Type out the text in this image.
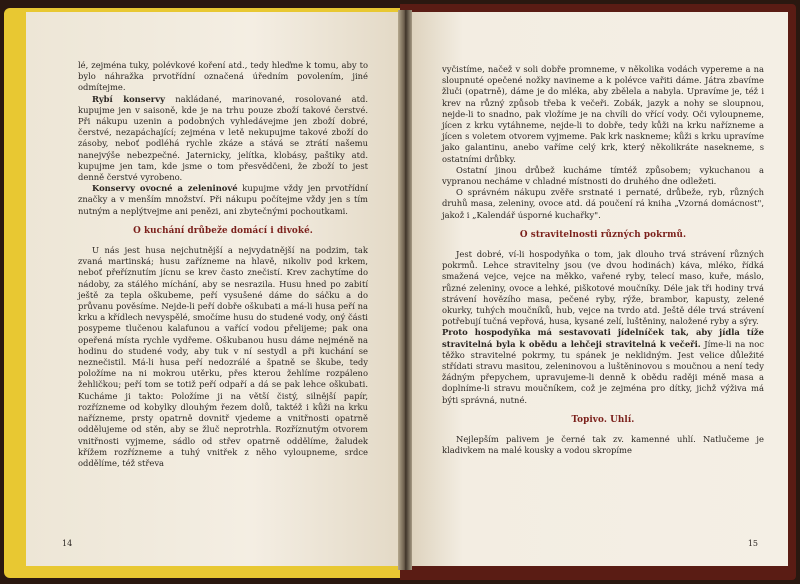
lé, zejména tuky, polévkové koření atd., tedy hleďme k tomu, aby to bylo náhražka prvotřídní označená úředním povolením, jiné odmítejme.

Rybí konservy nakládané, marinované, rosolované atd. kupujme jen v saisoně, kde je na trhu pouze zboží takové čerstvé. Při nákupu uzenin a podobných vyhledávejme jen zboží dobré, čerstvé, nezapáchající; zejména v letě nekupujme takové zboží do zásoby, neboť podléhá rychle zkáze a stává se ztrátí našemu nanejvýše nebezpečné. Jaternicky, jelítka, klobásy, paštiky atd. kupujme jen tam, kde jsme o tom přesvědčeni, že zboží to jest denně čerstvé vyrobeno.

Konservy ovocné a zeleninové kupujme vždy jen prvotřídní značky a v menším množství. Při nákupu počítejme vždy jen s tím nutným a neplýtvejme ani penězi, ani zbytečnými pochoutkami.

O kuchání drůbeže domácí i divoké.

U nás jest husa nejchutnější a nejvydatnější na podzim, tak zvaná martinská; husu zařízneme na hlavě, nikoliv pod krkem, neboť přeříznutím jícnu se krev často znečistí. Krev zachytíme do nádoby, za stálého míchání, aby se nesrazila. Husu hned po zabití ještě za tepla oškubeme, peří vysušené dáme do sáčku a do průvanu pověsíme. Nejde-li peří dobře oškubati a má-li husa peří na krku a křídlech nevyspělé, smočíme husu do studené vody, oný části posypeme tlučenou kalafunou a vařící vodou přelijeme; pak ona opeřená místa rychle vydřeme. Oškubanou husu dáme nejméně na hodinu do studené vody, aby tuk v ní sestydl a při kuchání se neznečistil. Má-li husa peří nedozrálé a špatně se škube, tedy položíme na ni mokrou utěrku, přes kterou žehlíme rozpáleno žehličkou; peří tom se totiž peří odpaří a dá se pak lehce oškubati. Kucháme ji takto: Položíme ji na větší čistý, silnější papír, rozřízneme od kobylky dlouhým řezem dolů, taktéž i kůži na krku nařízneme, prsty opatrně dovnitř vjedeme a vnitřnosti opatrně oddělujeme od stěn, aby se žluč neprotrhla. Rozříznutým otvorem vnitřnosti vyjmeme, sádlo od střev opatrně oddělíme, žaludek křížem rozřízneme a tuhý vnitřek z něho vyloupneme, srdce oddělíme, též střeva

14

vyčistíme, načež v soli dobře promneme, v několika vodách vypereme a na sloupnuté opečené nožky navineme a k polévce vařiti dáme. Játra zbavíme žluči (opatrně), dáme je do mléka, aby zbělela a nabyla. Upravíme je, též i krev na různý způsob třeba k večeři. Zobák, jazyk a nohy se sloupnou, nejde-li to snadno, pak vložíme je na chvíli do vřící vody. Oči vyloupneme, jícen z krku vytáhneme, nejde-li to dobře, tedy kůži na krku nařízneme a jícen s voletem otvorem vyjmeme. Pak krk naskneme; kůži s krku upravíme jako galantinu, anebo vaříme celý krk, který několikráte nasekneme, s ostatními drůbky.

Ostatní jinou drůbež kucháme tímtéž způsobem; vykuchanou a vypranou necháme v chladné místnosti do druhého dne odležeti.

O správném nákupu zvěře srstnaté i pernaté, drůbeže, ryb, různých druhů masa, zeleniny, ovoce atd. dá poučení rá kniha „Vzorná domácnost", jakož i „Kalendář úsporné kuchařky".

O stravitelnosti různých pokrmů.

Jest dobré, ví-li hospodyňka o tom, jak dlouho trvá strávení různých pokrmů. Lehce stravitelny jsou (ve dvou hodinách) káva, mléko, řídká smažená vejce, vejce na měkko, vařené ryby, telecí maso, kuře, máslo, různé zeleniny, ovoce a lehké, piškotové moučníky. Déle jak tři hodiny trvá strávení hovězího masa, pečené ryby, rýže, brambor, kapusty, zelené okurky, tuhých moučníků, hub, vejce na tvrdo atd. Ještě déle trvá strávení potřebují tučná vepřová, husa, kysané zelí, luštěniny, naložené ryby a sýry.

Proto hospodyňka má sestavovati jídelníček tak, aby jídla tíže stravitelná byla k obědu a lehčeji stravitelná k večeři. Jíme-li na noc těžko stravitelné pokrmy, tu spánek je neklidným. Jest velice důležité střídati stravu masitou, zeleninovou a luštěninovou s moučnou a není tedy žádným přepychem, upravujeme-li denně k obědu raději méně masa a doplníme-li stravu moučníkem, což je zejména pro dítky, jichž výživa má býti správná, nutné.

Topivo. Uhlí.

Nejlepším palivem je černé tak zv. kamenné uhlí. Natlučeme je kladivkem na malé kousky a vodou skropíme

15
